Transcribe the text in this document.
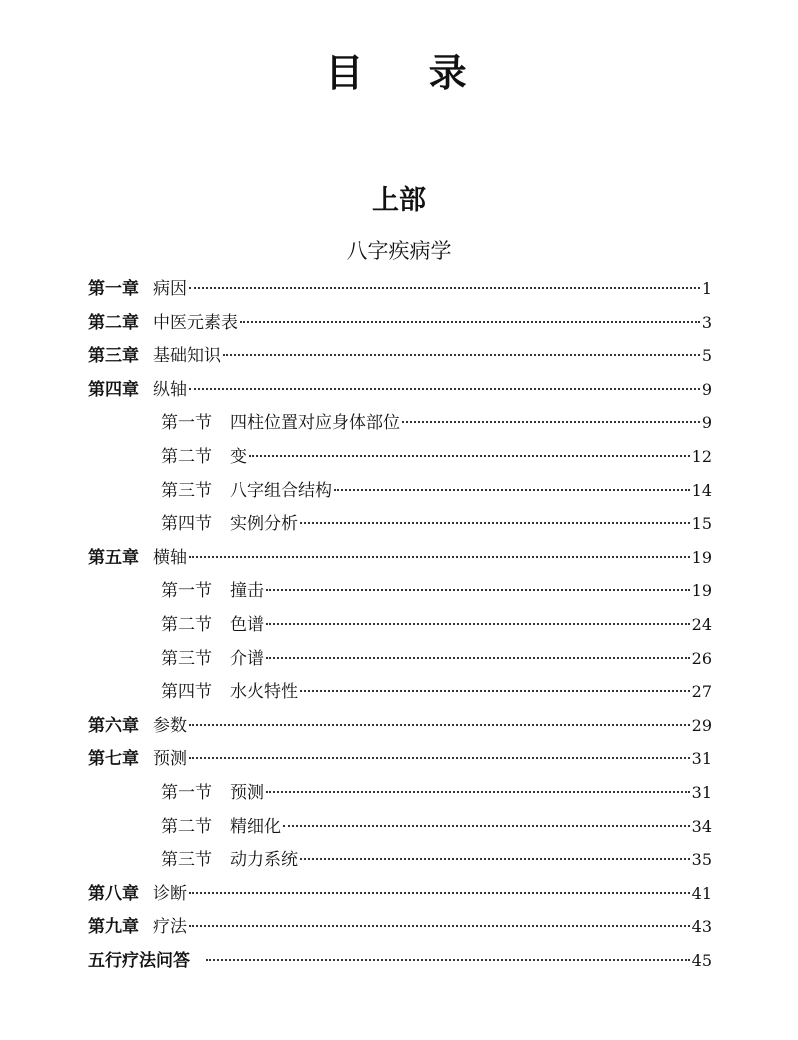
目 录
上部
八字疾病学
第一章 病因	1
第二章 中医元素表	3
第三章 基础知识	5
第四章 纵轴	9
第一节 四柱位置对应身体部位	9
第二节 变	12
第三节 八字组合结构	14
第四节 实例分析	15
第五章 横轴	19
第一节 撞击	19
第二节 色谱	24
第三节 介谱	26
第四节 水火特性	27
第六章 参数	29
第七章 预测	31
第一节 预测	31
第二节 精细化	34
第三节 动力系统	35
第八章 诊断	41
第九章 疗法	43
五行疗法问答	45
